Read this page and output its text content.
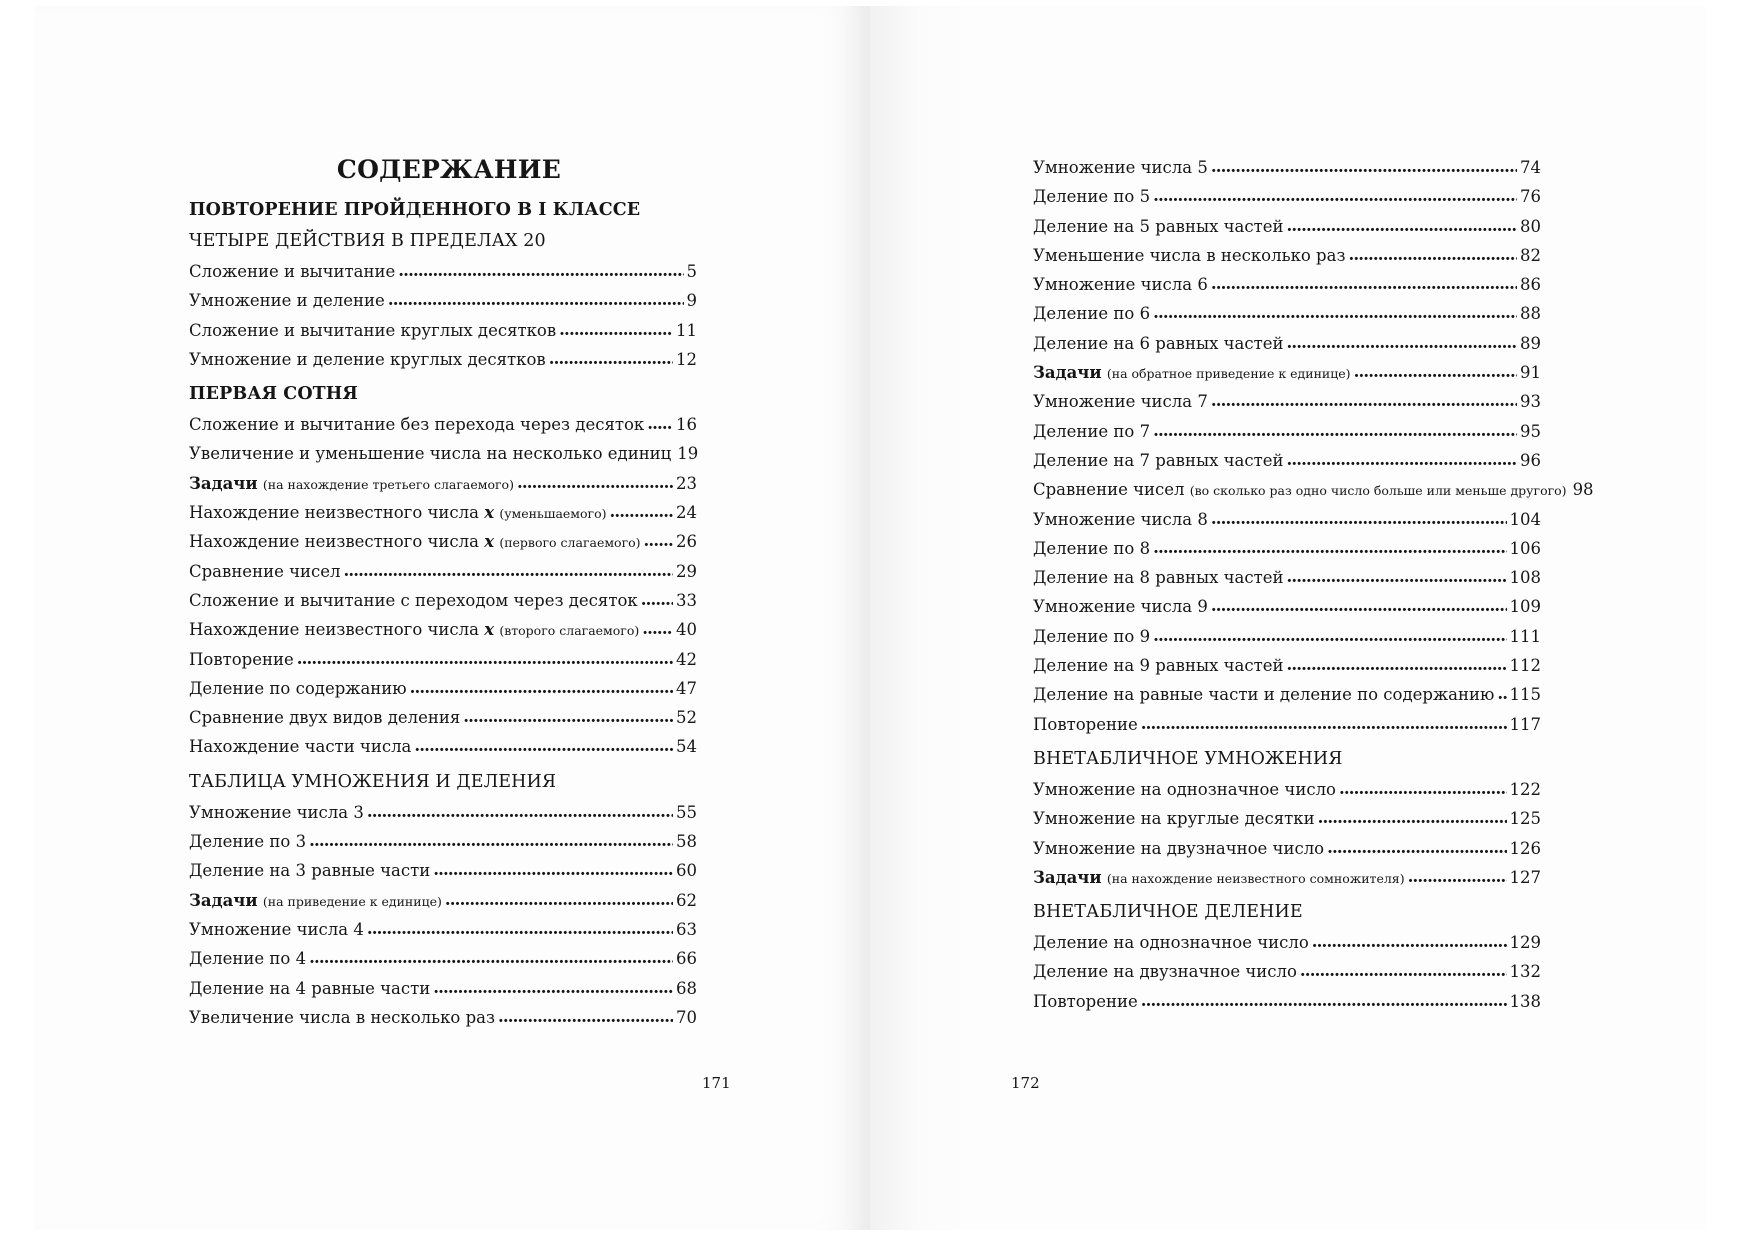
СОДЕРЖАНИЕ
ПОВТОРЕНИЕ ПРОЙДЕННОГО В I КЛАССЕ
ЧЕТЫРЕ ДЕЙСТВИЯ В ПРЕДЕЛАХ 20
Сложение и вычитание . . .	5
Умножение и деление . . .	9
Сложение и вычитание круглых десятков . . .	11
Умножение и деление круглых десятков . . .	12
ПЕРВАЯ СОТНЯ
Сложение и вычитание без перехода через десяток . . . 16
Увеличение и уменьшение числа на несколько единиц 19
Задачи (на нахождение третьего слагаемого) . . .	23
Нахождение неизвестного числа x (уменьшаемого) . . .	24
Нахождение неизвестного числа x (первого слагаемого) . . . 26
Сравнение чисел . . .	29
Сложение и вычитание с переходом через десяток . . . 33
Нахождение неизвестного числа x (второго слагаемого) . . . 40
Повторение . . .	42
Деление по содержанию . . .	47
Сравнение двух видов деления . . .	52
Нахождение части числа . . .	54
ТАБЛИЦА УМНОЖЕНИЯ И ДЕЛЕНИЯ
Умножение числа 3 . . .	55
Деление по 3 . . .	58
Деление на 3 равные части . . .	60
Задачи (на приведение к единице) . . .	62
Умножение числа 4 . . .	63
Деление по 4 . . .	66
Деление на 4 равные части . . .	68
Увеличение числа в несколько раз . . .	70
Умножение числа 5 . . .	74
Деление по 5 . . .	76
Деление на 5 равных частей . . .	80
Уменьшение числа в несколько раз . . .	82
Умножение числа 6 . . .	86
Деление по 6 . . .	88
Деление на 6 равных частей . . .	89
Задачи (на обратное приведение к единице) . . .	91
Умножение числа 7 . . .	93
Деление по 7 . . .	95
Деление на 7 равных частей . . .	96
Сравнение чисел (во сколько раз одно число больше или меньше другого) 98
Умножение числа 8 . . .	104
Деление по 8 . . .	106
Деление на 8 равных частей . . .	108
Умножение числа 9 . . .	109
Деление по 9 . . .	111
Деление на 9 равных частей . . .	112
Деление на равные части и деление по содержанию . . . 115
Повторение . . .	117
ВНЕТАБЛИЧНОЕ УМНОЖЕНИЯ
Умножение на однозначное число . . .	122
Умножение на круглые десятки . . .	125
Умножение на двузначное число . . .	126
Задачи (на нахождение неизвестного сомножителя) . . .	127
ВНЕТАБЛИЧНОЕ ДЕЛЕНИЕ
Деление на однозначное число . . .	129
Деление на двузначное число . . .	132
Повторение . . .	138
171	172
